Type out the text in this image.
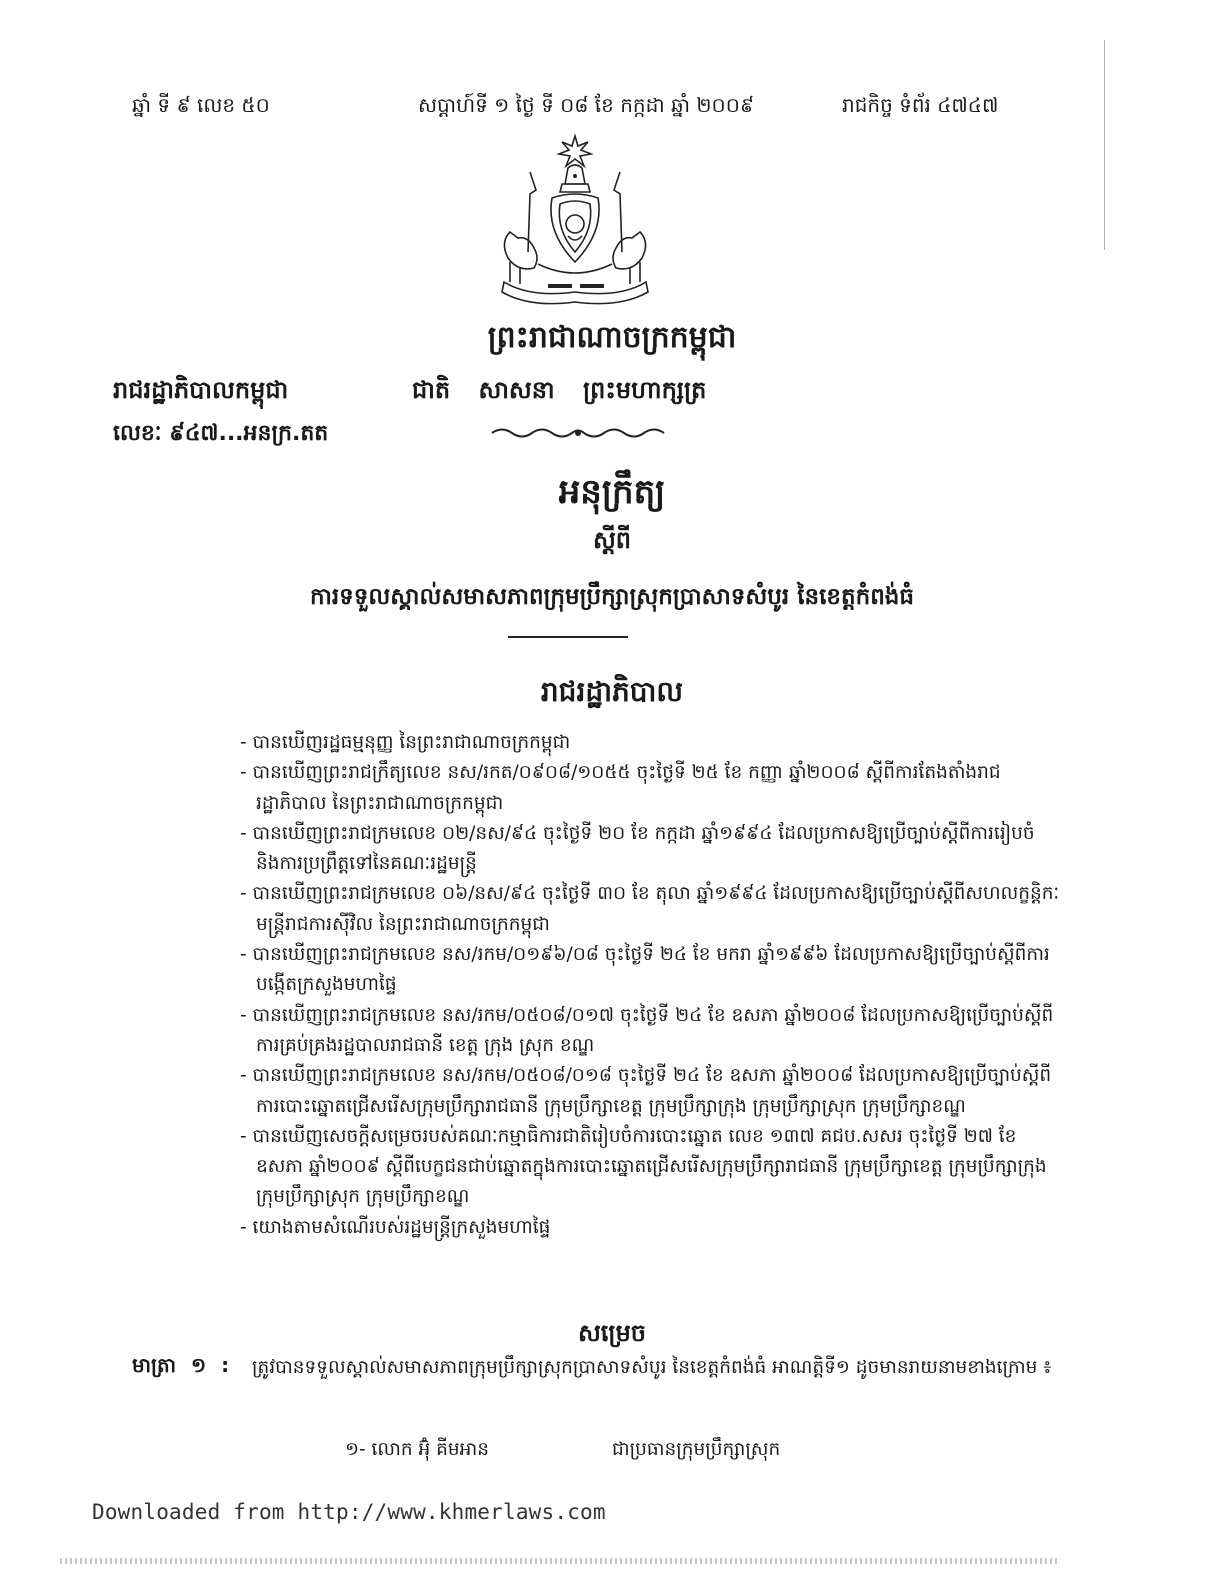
ឆ្នាំ ទី ៩ លេខ ៥០	សប្តាហ៍ទី ១ ថ្ងៃ ទី ០៨ ខែ កក្កដា ឆ្នាំ ២០០៩	រាជកិច្ច ទំព័រ ៤៧៤៧
ព្រះរាជាណាចក្រកម្ពុជា
រាជរដ្ឋាភិបាលកម្ពុជា	ជាតិ សាសនា ព្រះមហាក្សត្រ
លេខៈ ៩៤៧...អនក្រ.តត
អនុក្រឹត្យ
ស្តីពី
ការទទួលស្គាល់សមាសភាពក្រុមប្រឹក្សាស្រុកប្រាសាទសំបូរ នៃខេត្តកំពង់ធំ
រាជរដ្ឋាភិបាល
- បានឃើញរដ្ឋធម្មនុញ្ញ នៃព្រះរាជាណាចក្រកម្ពុជា
- បានឃើញព្រះរាជក្រឹត្យលេខ នស/រកត/០៩០៨/១០៥៥ ចុះថ្ងៃទី ២៥ ខែ កញ្ញា ឆ្នាំ២០០៨ ស្តីពីការតែងតាំងរាជរដ្ឋាភិបាល នៃព្រះរាជាណាចក្រកម្ពុជា
- បានឃើញព្រះរាជក្រមលេខ ០២/នស/៩៤ ចុះថ្ងៃទី ២០ ខែ កក្កដា ឆ្នាំ១៩៩៤ ដែលប្រកាសឱ្យប្រើច្បាប់ស្តីពីការរៀបចំ និងការប្រព្រឹត្តទៅនៃគណៈរដ្ឋមន្ត្រី
- បានឃើញព្រះរាជក្រមលេខ ០៦/នស/៩៤ ចុះថ្ងៃទី ៣០ ខែ តុលា ឆ្នាំ១៩៩៤ ដែលប្រកាសឱ្យប្រើច្បាប់ស្តីពីសហលក្ខន្តិកៈមន្ត្រីរាជការស៊ីវិល នៃព្រះរាជាណាចក្រកម្ពុជា
- បានឃើញព្រះរាជក្រមលេខ នស/រកម/០១៩៦/០៨ ចុះថ្ងៃទី ២៤ ខែ មករា ឆ្នាំ១៩៩៦ ដែលប្រកាសឱ្យប្រើច្បាប់ស្តីពីការបង្កើតក្រសួងមហាផ្ទៃ
- បានឃើញព្រះរាជក្រមលេខ នស/រកម/០៥០៨/០១៧ ចុះថ្ងៃទី ២៤ ខែ ឧសភា ឆ្នាំ២០០៨ ដែលប្រកាសឱ្យប្រើច្បាប់ស្តីពីការគ្រប់គ្រងរដ្ឋបាលរាជធានី ខេត្ត ក្រុង ស្រុក ខណ្ឌ
- បានឃើញព្រះរាជក្រមលេខ នស/រកម/០៥០៨/០១៨ ចុះថ្ងៃទី ២៤ ខែ ឧសភា ឆ្នាំ២០០៨ ដែលប្រកាសឱ្យប្រើច្បាប់ស្តីពីការបោះឆ្នោតជ្រើសរើសក្រុមប្រឹក្សារាជធានី ក្រុមប្រឹក្សាខេត្ត ក្រុមប្រឹក្សាក្រុង ក្រុមប្រឹក្សាស្រុក ក្រុមប្រឹក្សាខណ្ឌ
- បានឃើញសេចក្តីសម្រេចរបស់គណៈកម្មាធិការជាតិរៀបចំការបោះឆ្នោត លេខ ១៣៧ គជប.សសរ ចុះថ្ងៃទី ២៧ ខែ ឧសភា ឆ្នាំ២០០៩ ស្តីពីបេក្ខជនជាប់ឆ្នោតក្នុងការបោះឆ្នោតជ្រើសរើសក្រុមប្រឹក្សារាជធានី ក្រុមប្រឹក្សាខេត្ត ក្រុមប្រឹក្សាក្រុង ក្រុមប្រឹក្សាស្រុក ក្រុមប្រឹក្សាខណ្ឌ
- យោងតាមសំណើរបស់រដ្ឋមន្ត្រីក្រសួងមហាផ្ទៃ
សម្រេច
មាត្រា ១ : ត្រូវបានទទួលស្គាល់សមាសភាពក្រុមប្រឹក្សាស្រុកប្រាសាទសំបូរ នៃខេត្តកំពង់ធំ អាណត្តិទី១ ដូចមានរាយនាមខាងក្រោម ៖

១- លោក អ៊ុំ គីមអាន	ជាប្រធានក្រុមប្រឹក្សាស្រុក
Downloaded from http://www.khmerlaws.com
